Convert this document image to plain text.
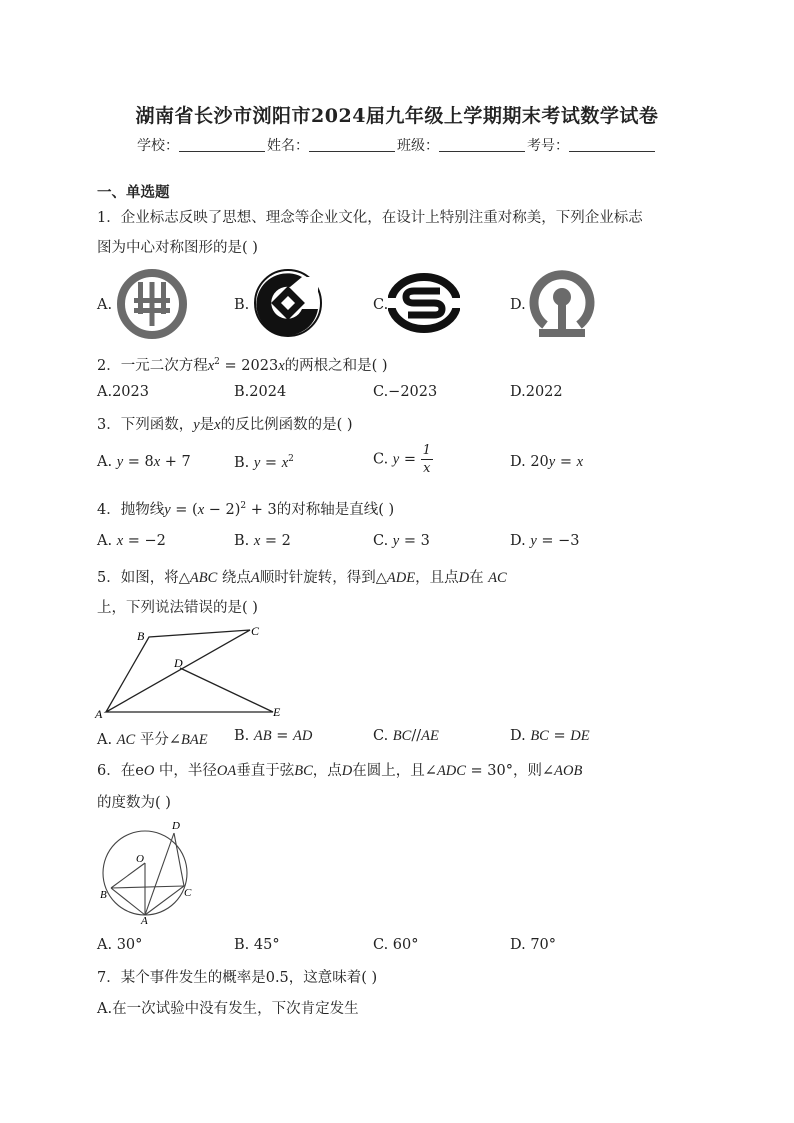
湖南省长沙市浏阳市2024届九年级上学期期末考试数学试卷
学校：	姓名：	班级：	考号：
一、单选题
1．企业标志反映了思想、理念等企业文化，在设计上特别注重对称美，下列企业标志
图为中心对称图形的是( )
A.	B.	C.	D.
2．一元二次方程$x^2 = 2023x$的两根之和是( )
A.2023	B.2024	C.−2023	D.2022
3．下列函数，y是x的反比例函数的是( )
A. y = 8x + 7	B. $y = x^2$	C. $y = \frac{1}{x}$	D. 20y = x
4．抛物线$y = (x - 2)^2 + 3$的对称轴是直线( )
A. x = −2	B. x = 2	C. y = 3	D. y = −3
5．如图，将△ABC 绕点A顺时针旋转，得到△ADE，且点D在 AC
上，下列说法错误的是( )
A
B	C
D
E
A. AC 平分∠BAE B. AB = AD	C. BC//AE	D. BC = DE
6．在eO 中，半径OA垂直于弦BC，点D在圆上，且∠ADC = 30°，则∠AOB
的度数为( )
O
A
B	C
D
A. 30°	B. 45°	C. 60°	D. 70°
7．某个事件发生的概率是0.5，这意味着( )
A.在一次试验中没有发生，下次肯定发生
